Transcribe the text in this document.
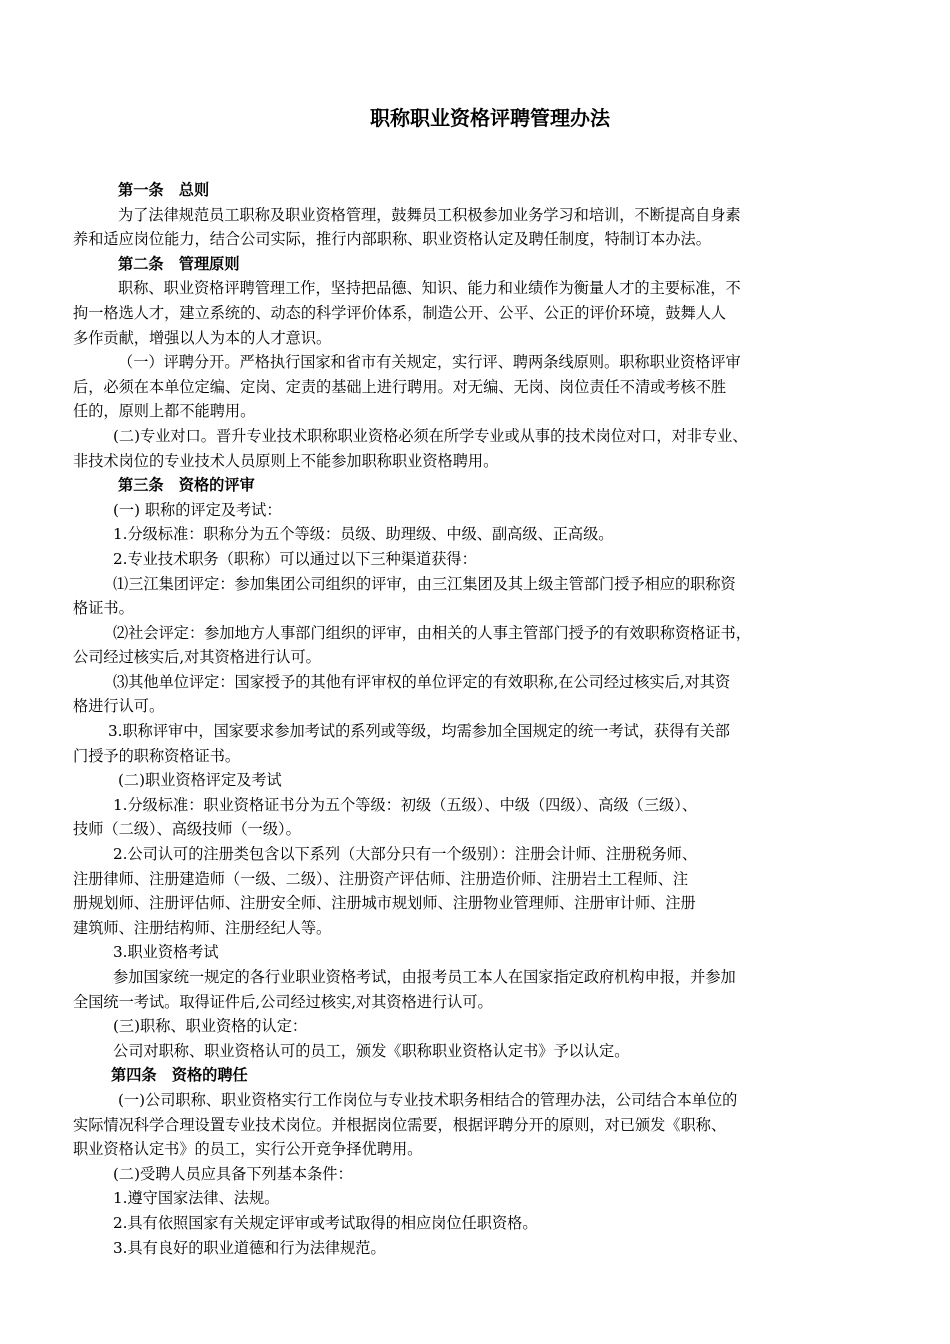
职称职业资格评聘管理办法
第一条　总则
为了法律规范员工职称及职业资格管理，鼓舞员工积极参加业务学习和培训，不断提高自身素
养和适应岗位能力，结合公司实际，推行内部职称、职业资格认定及聘任制度，特制订本办法。
第二条　管理原则
职称、职业资格评聘管理工作，坚持把品德、知识、能力和业绩作为衡量人才的主要标准，不
拘一格选人才，建立系统的、动态的科学评价体系，制造公开、公平、公正的评价环境，鼓舞人人
多作贡献，增强以人为本的人才意识。
（一）评聘分开。严格执行国家和省市有关规定，实行评、聘两条线原则。职称职业资格评审
后，必须在本单位定编、定岗、定责的基础上进行聘用。对无编、无岗、岗位责任不清或考核不胜
任的，原则上都不能聘用。
(二)专业对口。晋升专业技术职称职业资格必须在所学专业或从事的技术岗位对口，对非专业、
非技术岗位的专业技术人员原则上不能参加职称职业资格聘用。
第三条　资格的评审
(一) 职称的评定及考试：
1.分级标准：职称分为五个等级：员级、助理级、中级、副高级、正高级。
2.专业技术职务（职称）可以通过以下三种渠道获得：
⑴三江集团评定：参加集团公司组织的评审，由三江集团及其上级主管部门授予相应的职称资
格证书。
⑵社会评定：参加地方人事部门组织的评审，由相关的人事主管部门授予的有效职称资格证书，
公司经过核实后,对其资格进行认可。
⑶其他单位评定：国家授予的其他有评审权的单位评定的有效职称,在公司经过核实后,对其资
格进行认可。
3.职称评审中，国家要求参加考试的系列或等级，均需参加全国规定的统一考试，获得有关部
门授予的职称资格证书。
(二)职业资格评定及考试
1.分级标准：职业资格证书分为五个等级：初级（五级）、中级（四级）、高级（三级）、
技师（二级）、高级技师（一级）。
2.公司认可的注册类包含以下系列（大部分只有一个级别）：注册会计师、注册税务师、
注册律师、注册建造师（一级、二级）、注册资产评估师、注册造价师、注册岩土工程师、注
册规划师、注册评估师、注册安全师、注册城市规划师、注册物业管理师、注册审计师、注册
建筑师、注册结构师、注册经纪人等。
3.职业资格考试
参加国家统一规定的各行业职业资格考试，由报考员工本人在国家指定政府机构申报，并参加
全国统一考试。取得证件后,公司经过核实,对其资格进行认可。
(三)职称、职业资格的认定：
公司对职称、职业资格认可的员工，颁发《职称职业资格认定书》予以认定。
第四条　资格的聘任
(一)公司职称、职业资格实行工作岗位与专业技术职务相结合的管理办法，公司结合本单位的
实际情况科学合理设置专业技术岗位。并根据岗位需要，根据评聘分开的原则，对已颁发《职称、
职业资格认定书》的员工，实行公开竞争择优聘用。
(二)受聘人员应具备下列基本条件：
1.遵守国家法律、法规。
2.具有依照国家有关规定评审或考试取得的相应岗位任职资格。
3.具有良好的职业道德和行为法律规范。
